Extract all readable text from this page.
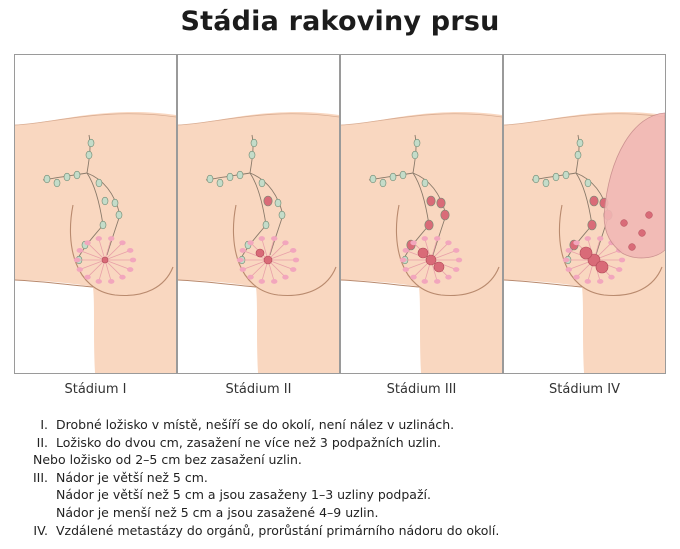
Stádia rakoviny prsu
Stádium I	Stádium II	Stádium III	Stádium IV
I. Drobné ložisko v místě, nešíří se do okolí, není nález v uzlinách.
II. Ložisko do dvou cm, zasažení ne více než 3 podpažních uzlin.
Nebo ložisko od 2–5 cm bez zasažení uzlin.
III. Nádor je větší než 5 cm.
Nádor je větší než 5 cm a jsou zasaženy 1–3 uzliny podpaží.
Nádor je menší než 5 cm a jsou zasažené 4–9 uzlin.
IV. Vzdálené metastázy do orgánů, prorůstání primárního nádoru do okolí.
